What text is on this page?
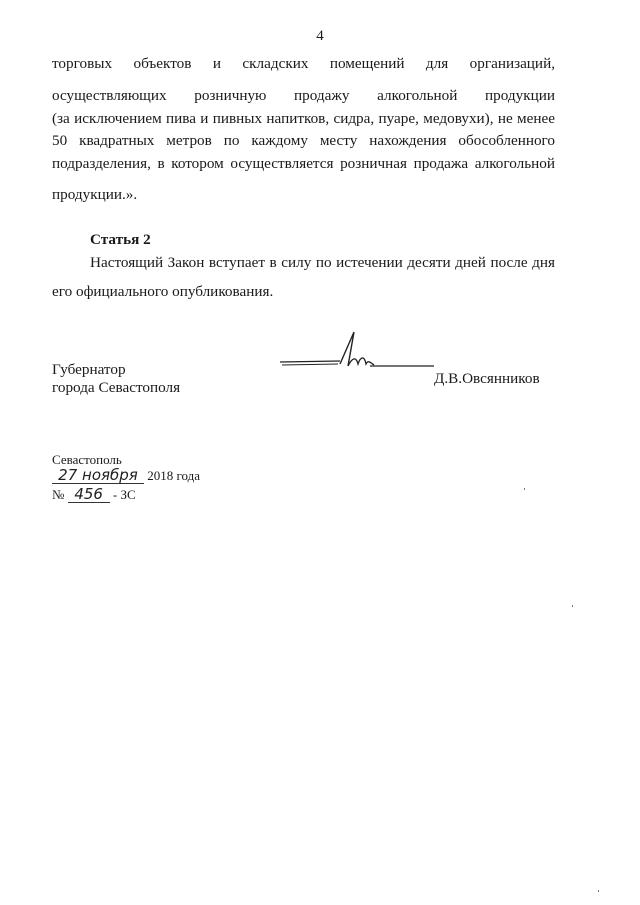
4
торговых объектов и складских помещений для организаций,
осуществляющих розничную продажу алкогольной продукции
(за исключением пива и пивных напитков, сидра, пуаре, медовухи), не менее
50 квадратных метров по каждому месту нахождения обособленного
подразделения, в котором осуществляется розничная продажа алкогольной
продукции.».
Статья 2
Настоящий Закон вступает в силу по истечении десяти дней после дня
его официального опубликования.
Губернатор
города Севастополя
Д.В.Овсянников
Севастополь
27 ноября 2018 года
№ 456 - ЗС
